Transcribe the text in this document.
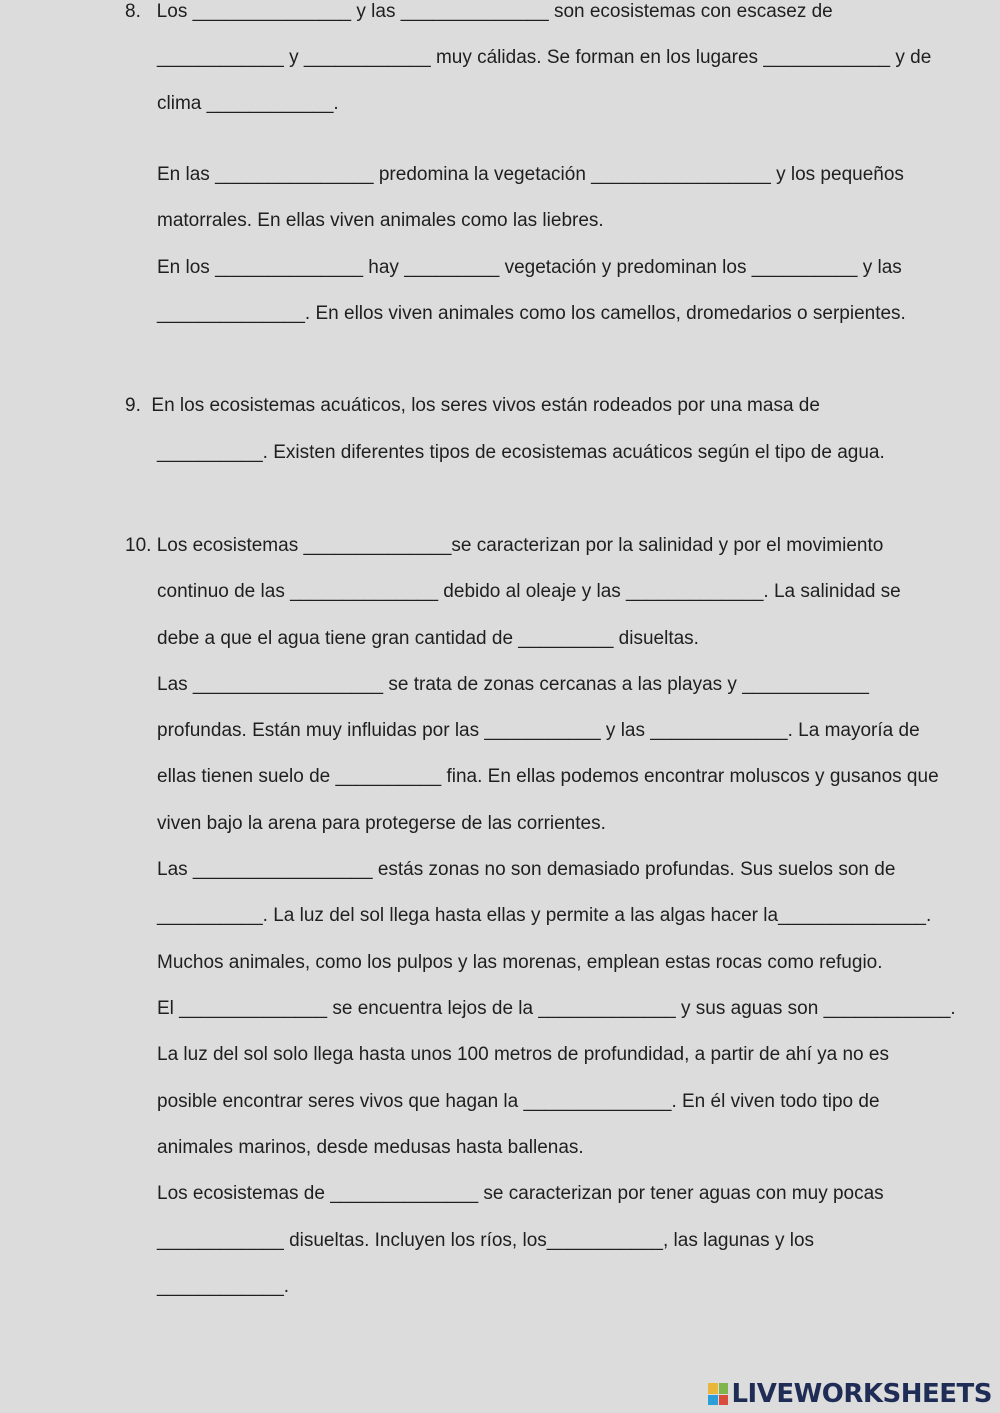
8.   Los _______________ y las ______________ son ecosistemas con escasez de
____________ y ____________ muy cálidas. Se forman en los lugares ____________ y de
clima ____________.
En las _______________ predomina la vegetación _________________ y los pequeños
matorrales. En ellas viven animales como las liebres.
En los ______________ hay _________ vegetación y predominan los __________ y las
______________. En ellos viven animales como los camellos, dromedarios o serpientes.
9.  En los ecosistemas acuáticos, los seres vivos están rodeados por una masa de
__________. Existen diferentes tipos de ecosistemas acuáticos según el tipo de agua.
10. Los ecosistemas ______________se caracterizan por la salinidad y por el movimiento
continuo de las ______________ debido al oleaje y las _____________. La salinidad se
debe a que el agua tiene gran cantidad de _________ disueltas.
Las __________________ se trata de zonas cercanas a las playas y ____________
profundas. Están muy influidas por las ___________ y las _____________. La mayoría de
ellas tienen suelo de __________ fina. En ellas podemos encontrar moluscos y gusanos que
viven bajo la arena para protegerse de las corrientes.
Las _________________ estás zonas no son demasiado profundas. Sus suelos son de
__________. La luz del sol llega hasta ellas y permite a las algas hacer la______________.
Muchos animales, como los pulpos y las morenas, emplean estas rocas como refugio.
El ______________ se encuentra lejos de la _____________ y sus aguas son ____________.
La luz del sol solo llega hasta unos 100 metros de profundidad, a partir de ahí ya no es
posible encontrar seres vivos que hagan la ______________. En él viven todo tipo de
animales marinos, desde medusas hasta ballenas.
Los ecosistemas de ______________ se caracterizan por tener aguas con muy pocas
____________ disueltas. Incluyen los ríos, los___________, las lagunas y los
____________.
LIVEWORKSHEETS
